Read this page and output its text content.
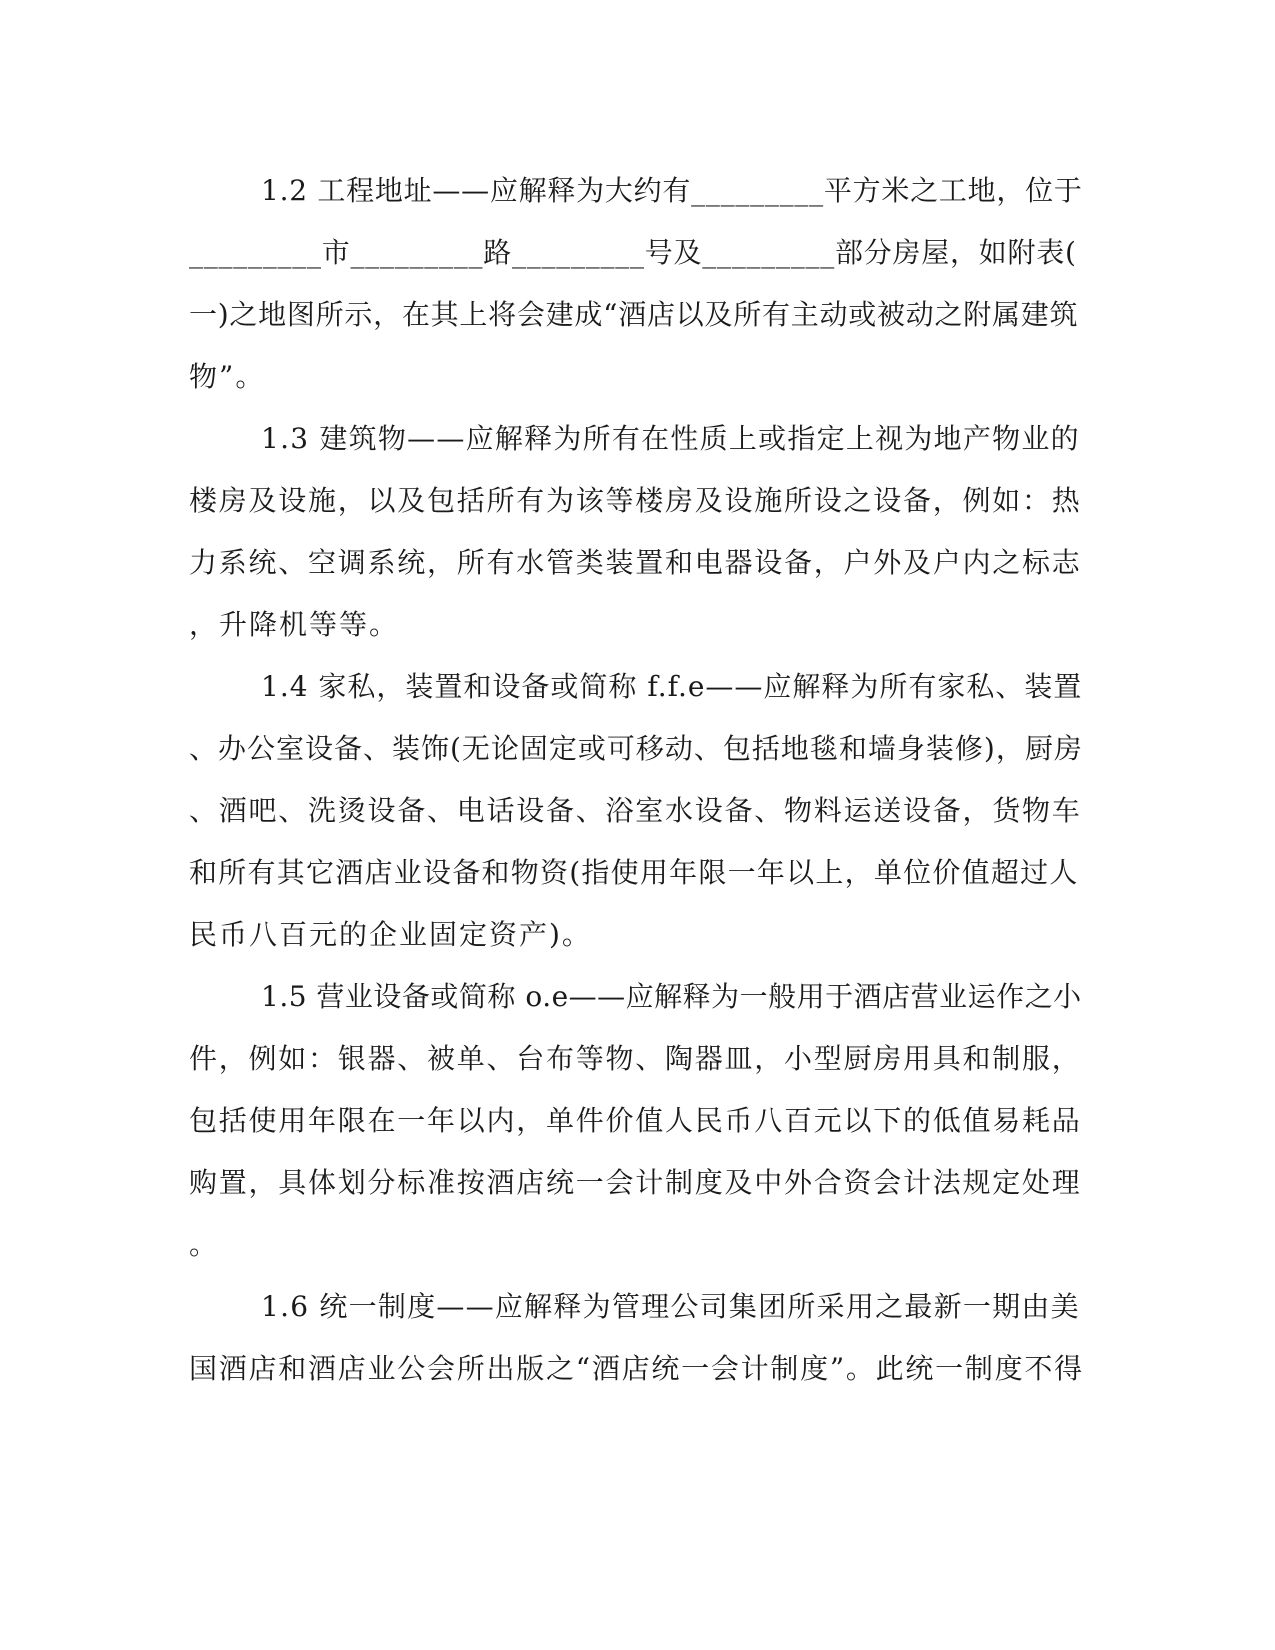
1.2 工程地址——应解释为大约有_________平方米之工地，位于
_________市_________路_________号及_________部分房屋，如附表(
一)之地图所示，在其上将会建成“酒店以及所有主动或被动之附属建筑
物”。
1.3 建筑物——应解释为所有在性质上或指定上视为地产物业的
楼房及设施，以及包括所有为该等楼房及设施所设之设备，例如：热
力系统、空调系统，所有水管类装置和电器设备，户外及户内之标志
，升降机等等。
1.4 家私，装置和设备或简称 f.f.e——应解释为所有家私、装置
、办公室设备、装饰(无论固定或可移动、包括地毯和墙身装修)，厨房
、酒吧、洗烫设备、电话设备、浴室水设备、物料运送设备，货物车
和所有其它酒店业设备和物资(指使用年限一年以上，单位价值超过人
民币八百元的企业固定资产)。
1.5 营业设备或简称 o.e——应解释为一般用于酒店营业运作之小
件，例如：银器、被单、台布等物、陶器皿，小型厨房用具和制服，
包括使用年限在一年以内，单件价值人民币八百元以下的低值易耗品
购置，具体划分标准按酒店统一会计制度及中外合资会计法规定处理
。
1.6 统一制度——应解释为管理公司集团所采用之最新一期由美
国酒店和酒店业公会所出版之“酒店统一会计制度”。此统一制度不得
